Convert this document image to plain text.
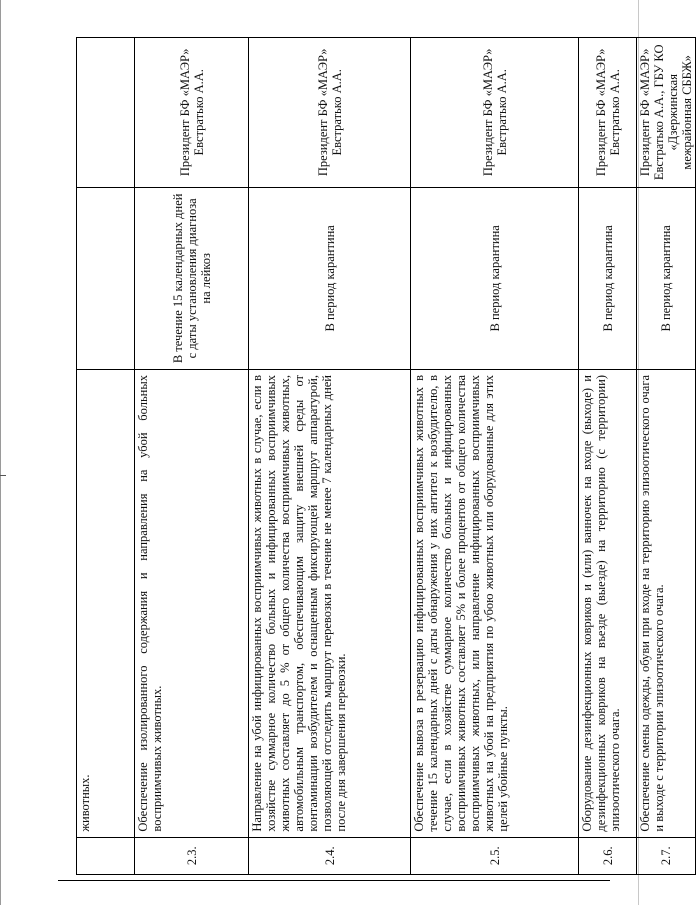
	животных.		
2.3.	Обеспечение изолированного содержания и направления на убой больных восприимчивых животных.	В течение 15 календарных дней с даты установления диагноза на лейкоз	Президент БФ «МАЭР» Евстратько А.А.
2.4.	Направление на убой инфицированных восприимчивых животных в случае, если в хозяйстве суммарное количество больных и инфицированных восприимчивых животных составляет до 5 % от общего количества восприимчивых животных, автомобильным транспортом, обеспечивающим защиту внешней среды от контаминации возбудителем и оснащенным фиксирующей маршрут аппаратурой, позволяющей отследить маршрут перевозки в течение не менее 7 календарных дней после дня завершения перевозки.	В период карантина	Президент БФ «МАЭР» Евстратько А.А.
2.5.	Обеспечение вывоза в резервацию инфицированных восприимчивых животных в течение 15 календарных дней с даты обнаружения у них антител к возбудителю, в случае, если в хозяйстве суммарное количество больных и инфицированных восприимчивых животных составляет 5% и более процентов от общего количества восприимчивых животных, или направление инфицированных восприимчивых животных на убой на предприятия по убою животных или оборудованные для этих целей убойные пункты.	В период карантина	Президент БФ «МАЭР» Евстратько А.А.
2.6.	Оборудование дезинфекционных ковриков и (или) ванночек на входе (выходе) и дезинфекционных ковриков на въезде (выезде) на территорию (с территории) эпизоотического очага.	В период карантина	Президент БФ «МАЭР» Евстратько А.А.
2.7.	Обеспечение смены одежды, обуви при входе на территорию эпизоотического очага и выходе с территории эпизоотического очага.	В период карантина	Президент БФ «МАЭР» Евстратько А.А., ГБУ КО «Дзержинская межрайонная СББЖ»
